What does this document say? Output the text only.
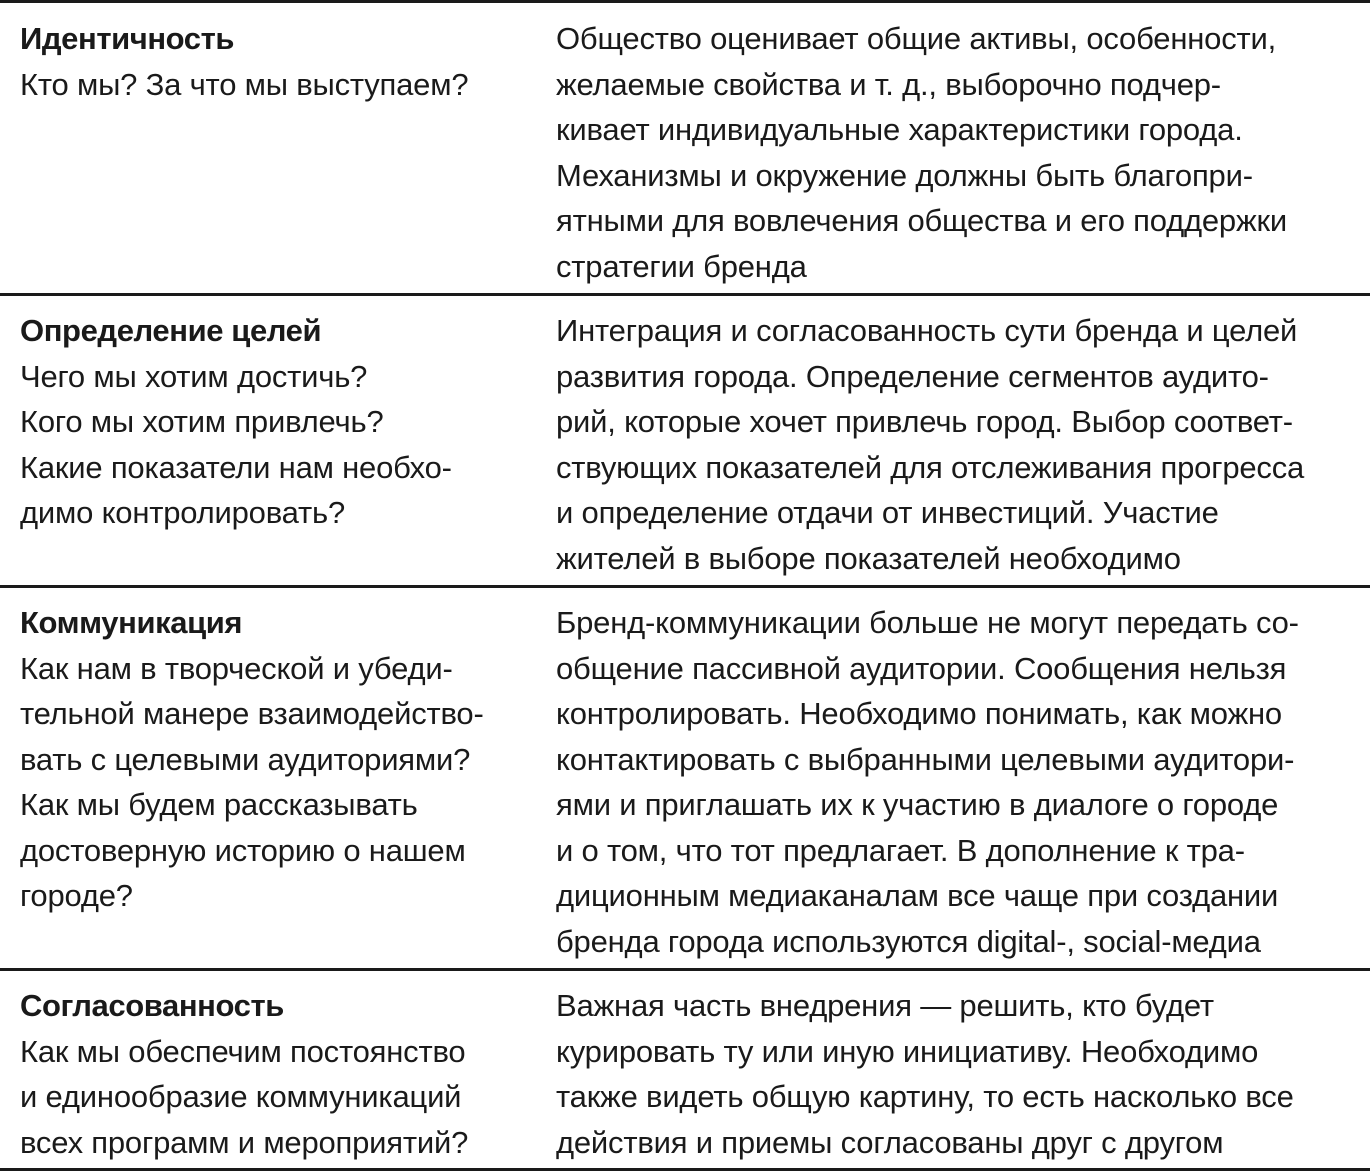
Идентичность
Кто мы? За что мы выступаем?
Общество оценивает общие активы, особенности,
желаемые свойства и т. д., выборочно подчер-
кивает индивидуальные характеристики города.
Механизмы и окружение должны быть благопри-
ятными для вовлечения общества и его поддержки
стратегии бренда
Определение целей
Чего мы хотим достичь?
Кого мы хотим привлечь?
Какие показатели нам необхо-
димо контролировать?
Интеграция и согласованность сути бренда и целей
развития города. Определение сегментов аудито-
рий, которые хочет привлечь город. Выбор соответ-
ствующих показателей для отслеживания прогресса
и определение отдачи от инвестиций. Участие
жителей в выборе показателей необходимо
Коммуникация
Как нам в творческой и убеди-
тельной манере взаимодейство-
вать с целевыми аудиториями?
Как мы будем рассказывать
достоверную историю о нашем
городе?
Бренд-коммуникации больше не могут передать со-
общение пассивной аудитории. Сообщения нельзя
контролировать. Необходимо понимать, как можно
контактировать с выбранными целевыми аудитори-
ями и приглашать их к участию в диалоге о городе
и о том, что тот предлагает. В дополнение к тра-
диционным медиаканалам все чаще при создании
бренда города используются digital-, social-медиа
Согласованность
Как мы обеспечим постоянство
и единообразие коммуникаций
всех программ и мероприятий?
Важная часть внедрения — решить, кто будет
курировать ту или иную инициативу. Необходимо
также видеть общую картину, то есть насколько все
действия и приемы согласованы друг с другом
